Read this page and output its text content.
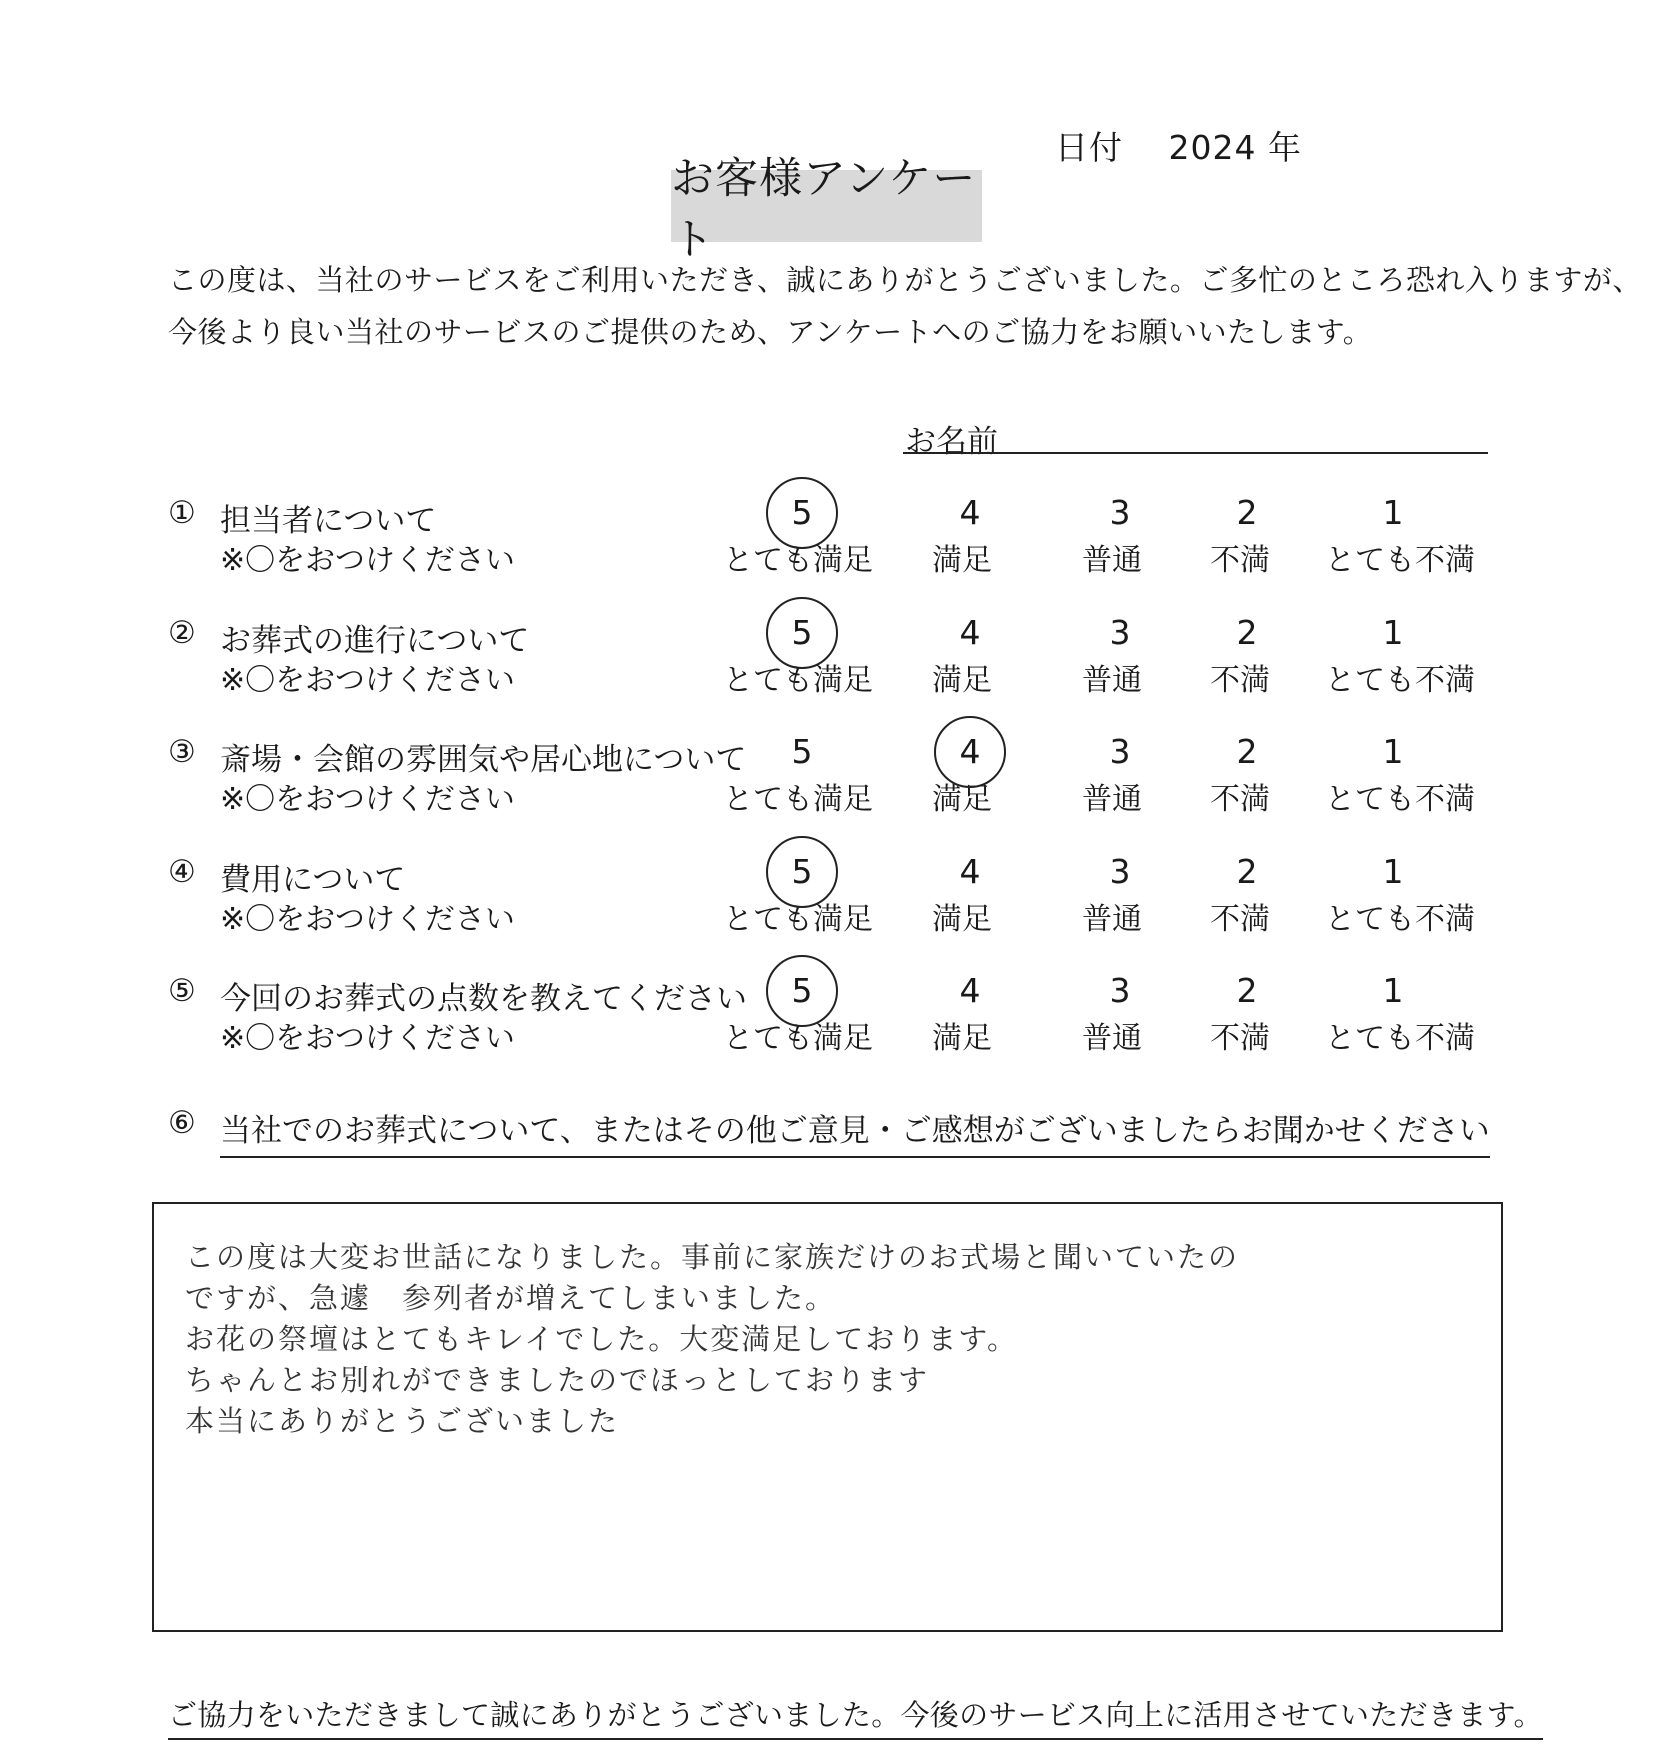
日付　 2024 年
お客様アンケート
この度は、当社のサービスをご利用いただき、誠にありがとうございました。ご多忙のところ恐れ入りますが、
今後より良い当社のサービスのご提供のため、アンケートへのご協力をお願いいたします。
お名前
① 担当者について
※〇をおつけください
5
とても満足
4
満足
3
普通
2
不満
1
とても不満
② お葬式の進行について
※〇をおつけください
5
とても満足
4
満足
3
普通
2
不満
1
とても不満
③ 斎場・会館の雰囲気や居心地について
※〇をおつけください
5
とても満足
4
満足
3
普通
2
不満
1
とても不満
④ 費用について
※〇をおつけください
5
とても満足
4
満足
3
普通
2
不満
1
とても不満
⑤ 今回のお葬式の点数を教えてください
※〇をおつけください
5
とても満足
4
満足
3
普通
2
不満
1
とても不満
⑥ 当社でのお葬式について、またはその他ご意見・ご感想がございましたらお聞かせください
この度は大変お世話になりました。事前に家族だけのお式場と聞いていたの
ですが、急遽　参列者が増えてしまいました。
お花の祭壇はとてもキレイでした。大変満足しております。
ちゃんとお別れができましたのでほっとしております
本当にありがとうございました
ご協力をいただきまして誠にありがとうございました。今後のサービス向上に活用させていただきます。
